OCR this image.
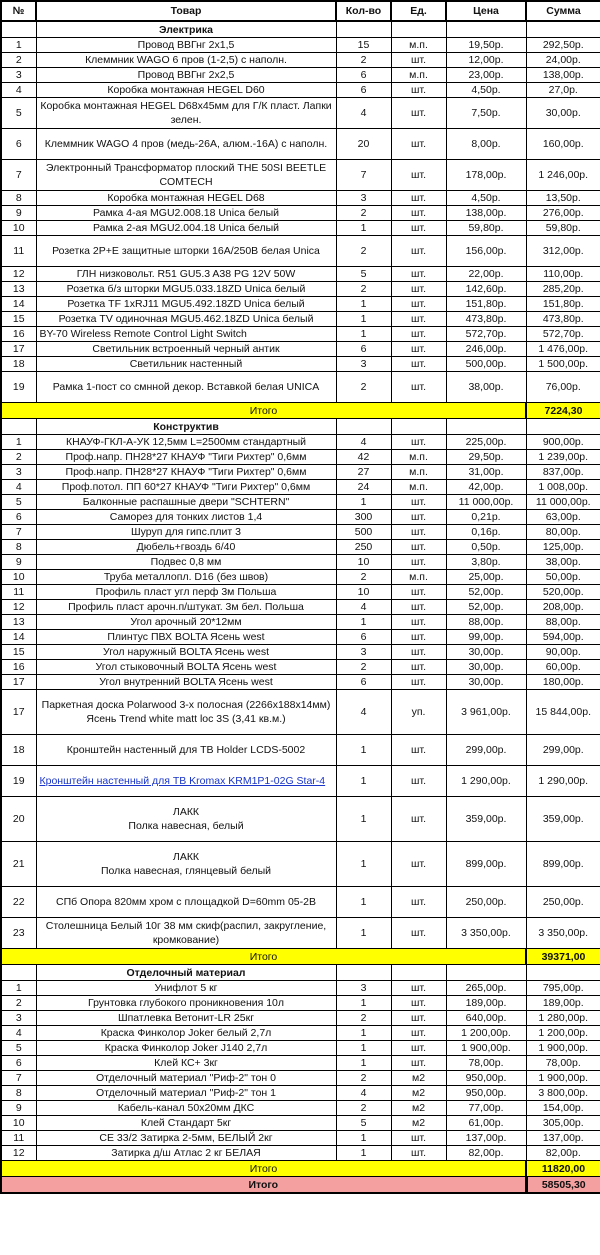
№	Товар	Кол-во	Ед.	Цена	Сумма
	Электрика				
1	Провод ВВГнг 2х1,5	15	м.п.	19,50р.	292,50р.
2	Клеммник WAGO 6 пров (1-2,5) с наполн.	2	шт.	12,00р.	24,00р.
3	Провод ВВГнг 2х2,5	6	м.п.	23,00р.	138,00р.
4	Коробка монтажная HEGEL D60	6	шт.	4,50р.	27,0р.
5	Коробка монтажная HEGEL D68х45мм для Г/К пласт. Лапки зелен.	4	шт.	7,50р.	30,00р.
6	Клеммник WAGO 4 пров (медь-26А, алюм.-16А) с наполн.	20	шт.	8,00р.	160,00р.
7	Электронный Трансформатор плоский THE 50SI BEETLE COMTECH	7	шт.	178,00р.	1 246,00р.
8	Коробка монтажная HEGEL D68	3	шт.	4,50р.	13,50р.
9	Рамка 4-ая MGU2.008.18 Unica белый	2	шт.	138,00р.	276,00р.
10	Рамка 2-ая MGU2.004.18 Unica белый	1	шт.	59,80р.	59,80р.
11	Розетка 2P+E защитные шторки 16A/250B белая Unica	2	шт.	156,00р.	312,00р.
12	ГЛН низковольт. R51 GU5.3 A38 PG 12V 50W	5	шт.	22,00р.	110,00р.
13	Розетка б/з шторки MGU5.033.18ZD Unica белый	2	шт.	142,60р.	285,20р.
14	Розетка TF 1xRJ11 MGU5.492.18ZD Unica белый	1	шт.	151,80р.	151,80р.
15	Розетка TV одиночная MGU5.462.18ZD Unica белый	1	шт.	473,80р.	473,80р.
16	BY-70 Wireless Remote Control Light Switch	1	шт.	572,70р.	572,70р.
17	Светильник встроенный черный антик	6	шт.	246,00р.	1 476,00р.
18	Светильник настенный	3	шт.	500,00р.	1 500,00р.
19	Рамка 1-пост со смнной декор. Вставкой белая UNICA	2	шт.	38,00р.	76,00р.
Итого					7224,30
	Конструктив				
1	КНАУФ-ГКЛ-А-УК 12,5мм L=2500мм стандартный	4	шт.	225,00р.	900,00р.
2	Проф.напр. ПН28*27 КНАУФ "Тиги Рихтер" 0,6мм	42	м.п.	29,50р.	1 239,00р.
3	Проф.напр. ПН28*27 КНАУФ "Тиги Рихтер" 0,6мм	27	м.п.	31,00р.	837,00р.
4	Проф.потол. ПП 60*27 КНАУФ "Тиги Рихтер" 0,6мм	24	м.п.	42,00р.	1 008,00р.
5	Балконные распашные двери "SCHTERN"	1	шт.	11 000,00р.	11 000,00р.
6	Саморез для тонких листов 1,4	300	шт.	0,21р.	63,00р.
7	Шуруп для гипс.плит 3	500	шт.	0,16р.	80,00р.
8	Дюбель+гвоздь 6/40	250	шт.	0,50р.	125,00р.
9	Подвес 0,8 мм	10	шт.	3,80р.	38,00р.
10	Труба металлопл. D16 (без швов)	2	м.п.	25,00р.	50,00р.
11	Профиль пласт угл перф 3м Польша	10	шт.	52,00р.	520,00р.
12	Профиль пласт арочн.п/штукат. 3м бел. Польша	4	шт.	52,00р.	208,00р.
13	Угол арочный 20*12мм	1	шт.	88,00р.	88,00р.
14	Плинтус ПВХ BOLTA Ясень west	6	шт.	99,00р.	594,00р.
15	Угол наружный BOLTA Ясень west	3	шт.	30,00р.	90,00р.
16	Угол стыковочный BOLTA Ясень west	2	шт.	30,00р.	60,00р.
17	Угол внутренний BOLTA Ясень west	6	шт.	30,00р.	180,00р.
17	Паркетная доска Polarwood 3-х полосная (2266х188х14мм) Ясень Trend white matt loc 3S (3,41 кв.м.)	4	уп.	3 961,00р.	15 844,00р.
18	Кронштейн настенный для ТВ Holder LCDS-5002	1	шт.	299,00р.	299,00р.
19	Кронштейн настенный для ТВ Kromax KRM1P1-02G Star-4	1	шт.	1 290,00р.	1 290,00р.
20	ЛАКК
Полка навесная, белый	1	шт.	359,00р.	359,00р.
21	ЛАКК
Полка навесная, глянцевый белый	1	шт.	899,00р.	899,00р.
22	СПб Опора 820мм хром с площадкой D=60mm 05-2B	1	шт.	250,00р.	250,00р.
23	Столешница Белый 10г 38 мм скиф(распил, закругление, кромкование)	1	шт.	3 350,00р.	3 350,00р.
Итого					39371,00
	Отделочный материал				
1	Унифлот 5 кг	3	шт.	265,00р.	795,00р.
2	Грунтовка глубокого проникновения 10л	1	шт.	189,00р.	189,00р.
3	Шпатлевка Ветонит-LR 25кг	2	шт.	640,00р.	1 280,00р.
4	Краска Финколор Joker белый 2,7л	1	шт.	1 200,00р.	1 200,00р.
5	Краска Финколор Joker J140 2,7л	1	шт.	1 900,00р.	1 900,00р.
6	Клей КС+ 3кг	1	шт.	78,00р.	78,00р.
7	Отделочный материал "Риф-2" тон 0	2	м2	950,00р.	1 900,00р.
8	Отделочный материал "Риф-2" тон 1	4	м2	950,00р.	3 800,00р.
9	Кабель-канал 50х20мм ДКС	2	м2	77,00р.	154,00р.
10	Клей Стандарт 5кг	5	м2	61,00р.	305,00р.
11	CE 33/2 Затирка 2-5мм, БЕЛЫЙ 2кг	1	шт.	137,00р.	137,00р.
12	Затирка д/ш Атлас 2 кг БЕЛАЯ	1	шт.	82,00р.	82,00р.
Итого					11820,00
Итого					58505,30
